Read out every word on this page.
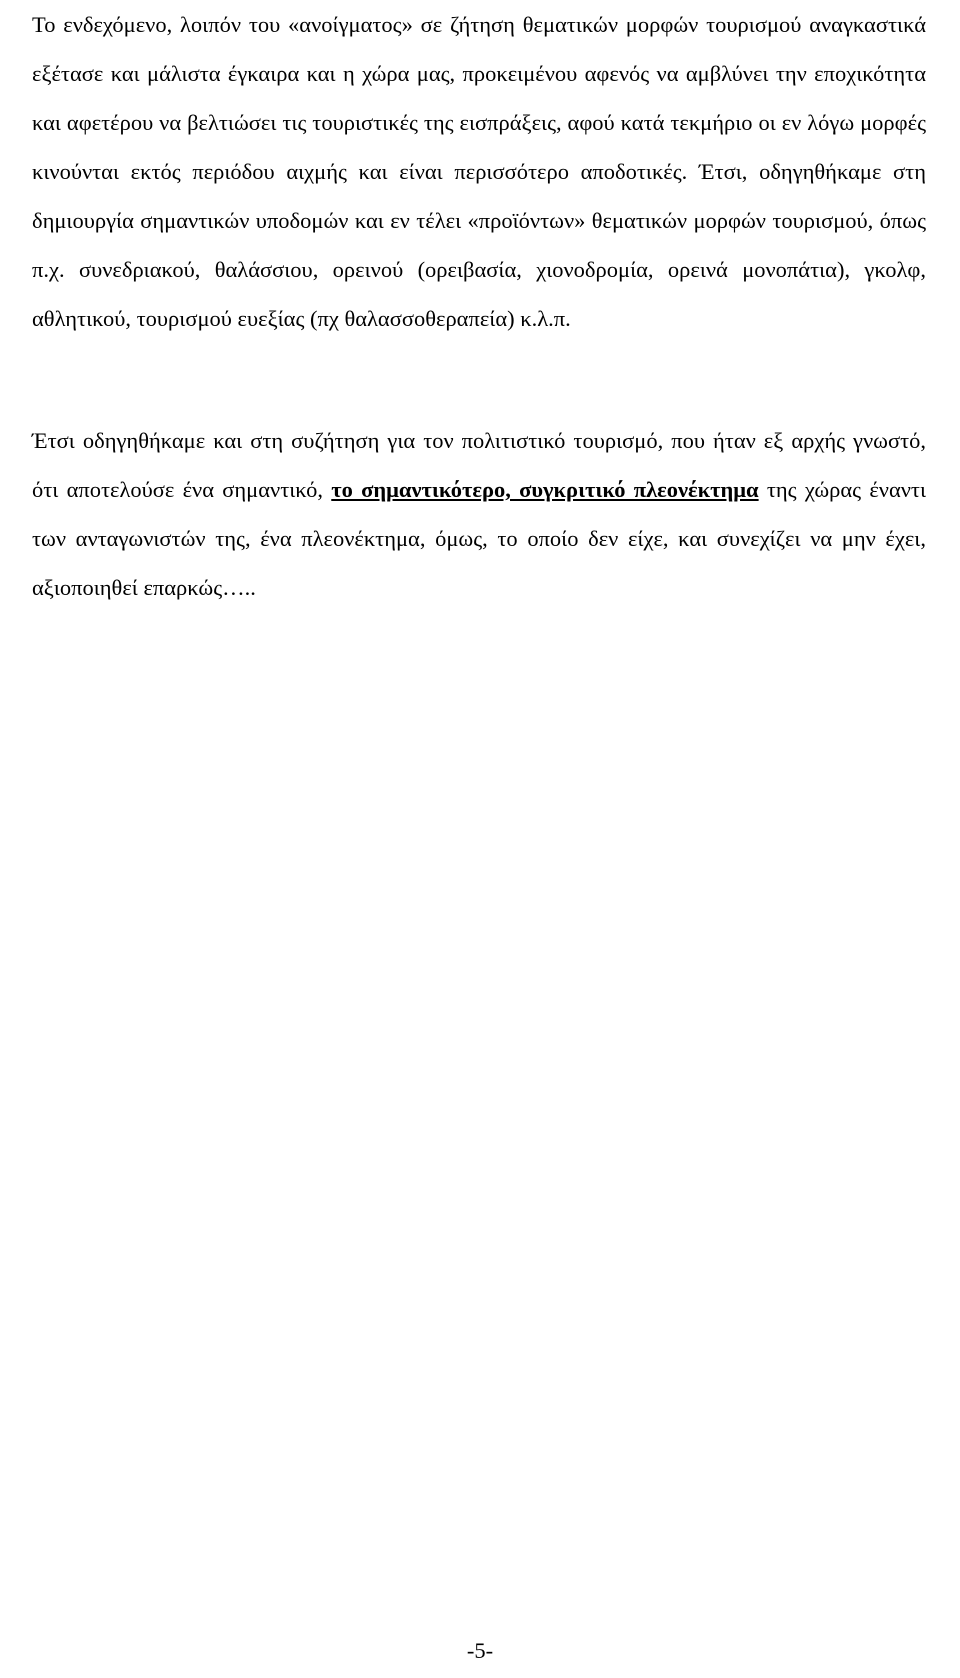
Το ενδεχόμενο, λοιπόν του «ανοίγματος» σε ζήτηση θεματικών μορφών τουρισμού αναγκαστικά εξέτασε και μάλιστα έγκαιρα και η χώρα μας, προκειμένου αφενός να αμβλύνει την εποχικότητα και αφετέρου να βελτιώσει τις τουριστικές της εισπράξεις, αφού κατά τεκμήριο οι εν λόγω μορφές κινούνται εκτός περιόδου αιχμής και είναι περισσότερο αποδοτικές. Έτσι, οδηγηθήκαμε στη δημιουργία σημαντικών υποδομών και εν τέλει «προϊόντων» θεματικών μορφών τουρισμού, όπως π.χ. συνεδριακού, θαλάσσιου, ορεινού (ορειβασία, χιονοδρομία, ορεινά μονοπάτια), γκολφ, αθλητικού, τουρισμού ευεξίας (πχ θαλασσοθεραπεία) κ.λ.π.

Έτσι οδηγηθήκαμε και στη συζήτηση για τον πολιτιστικό τουρισμό, που ήταν εξ αρχής γνωστό, ότι αποτελούσε ένα σημαντικό, το σημαντικότερο, συγκριτικό πλεονέκτημα της χώρας έναντι των ανταγωνιστών της, ένα πλεονέκτημα, όμως, το οποίο δεν είχε, και συνεχίζει να μην έχει, αξιοποιηθεί επαρκώς…..

-5-
